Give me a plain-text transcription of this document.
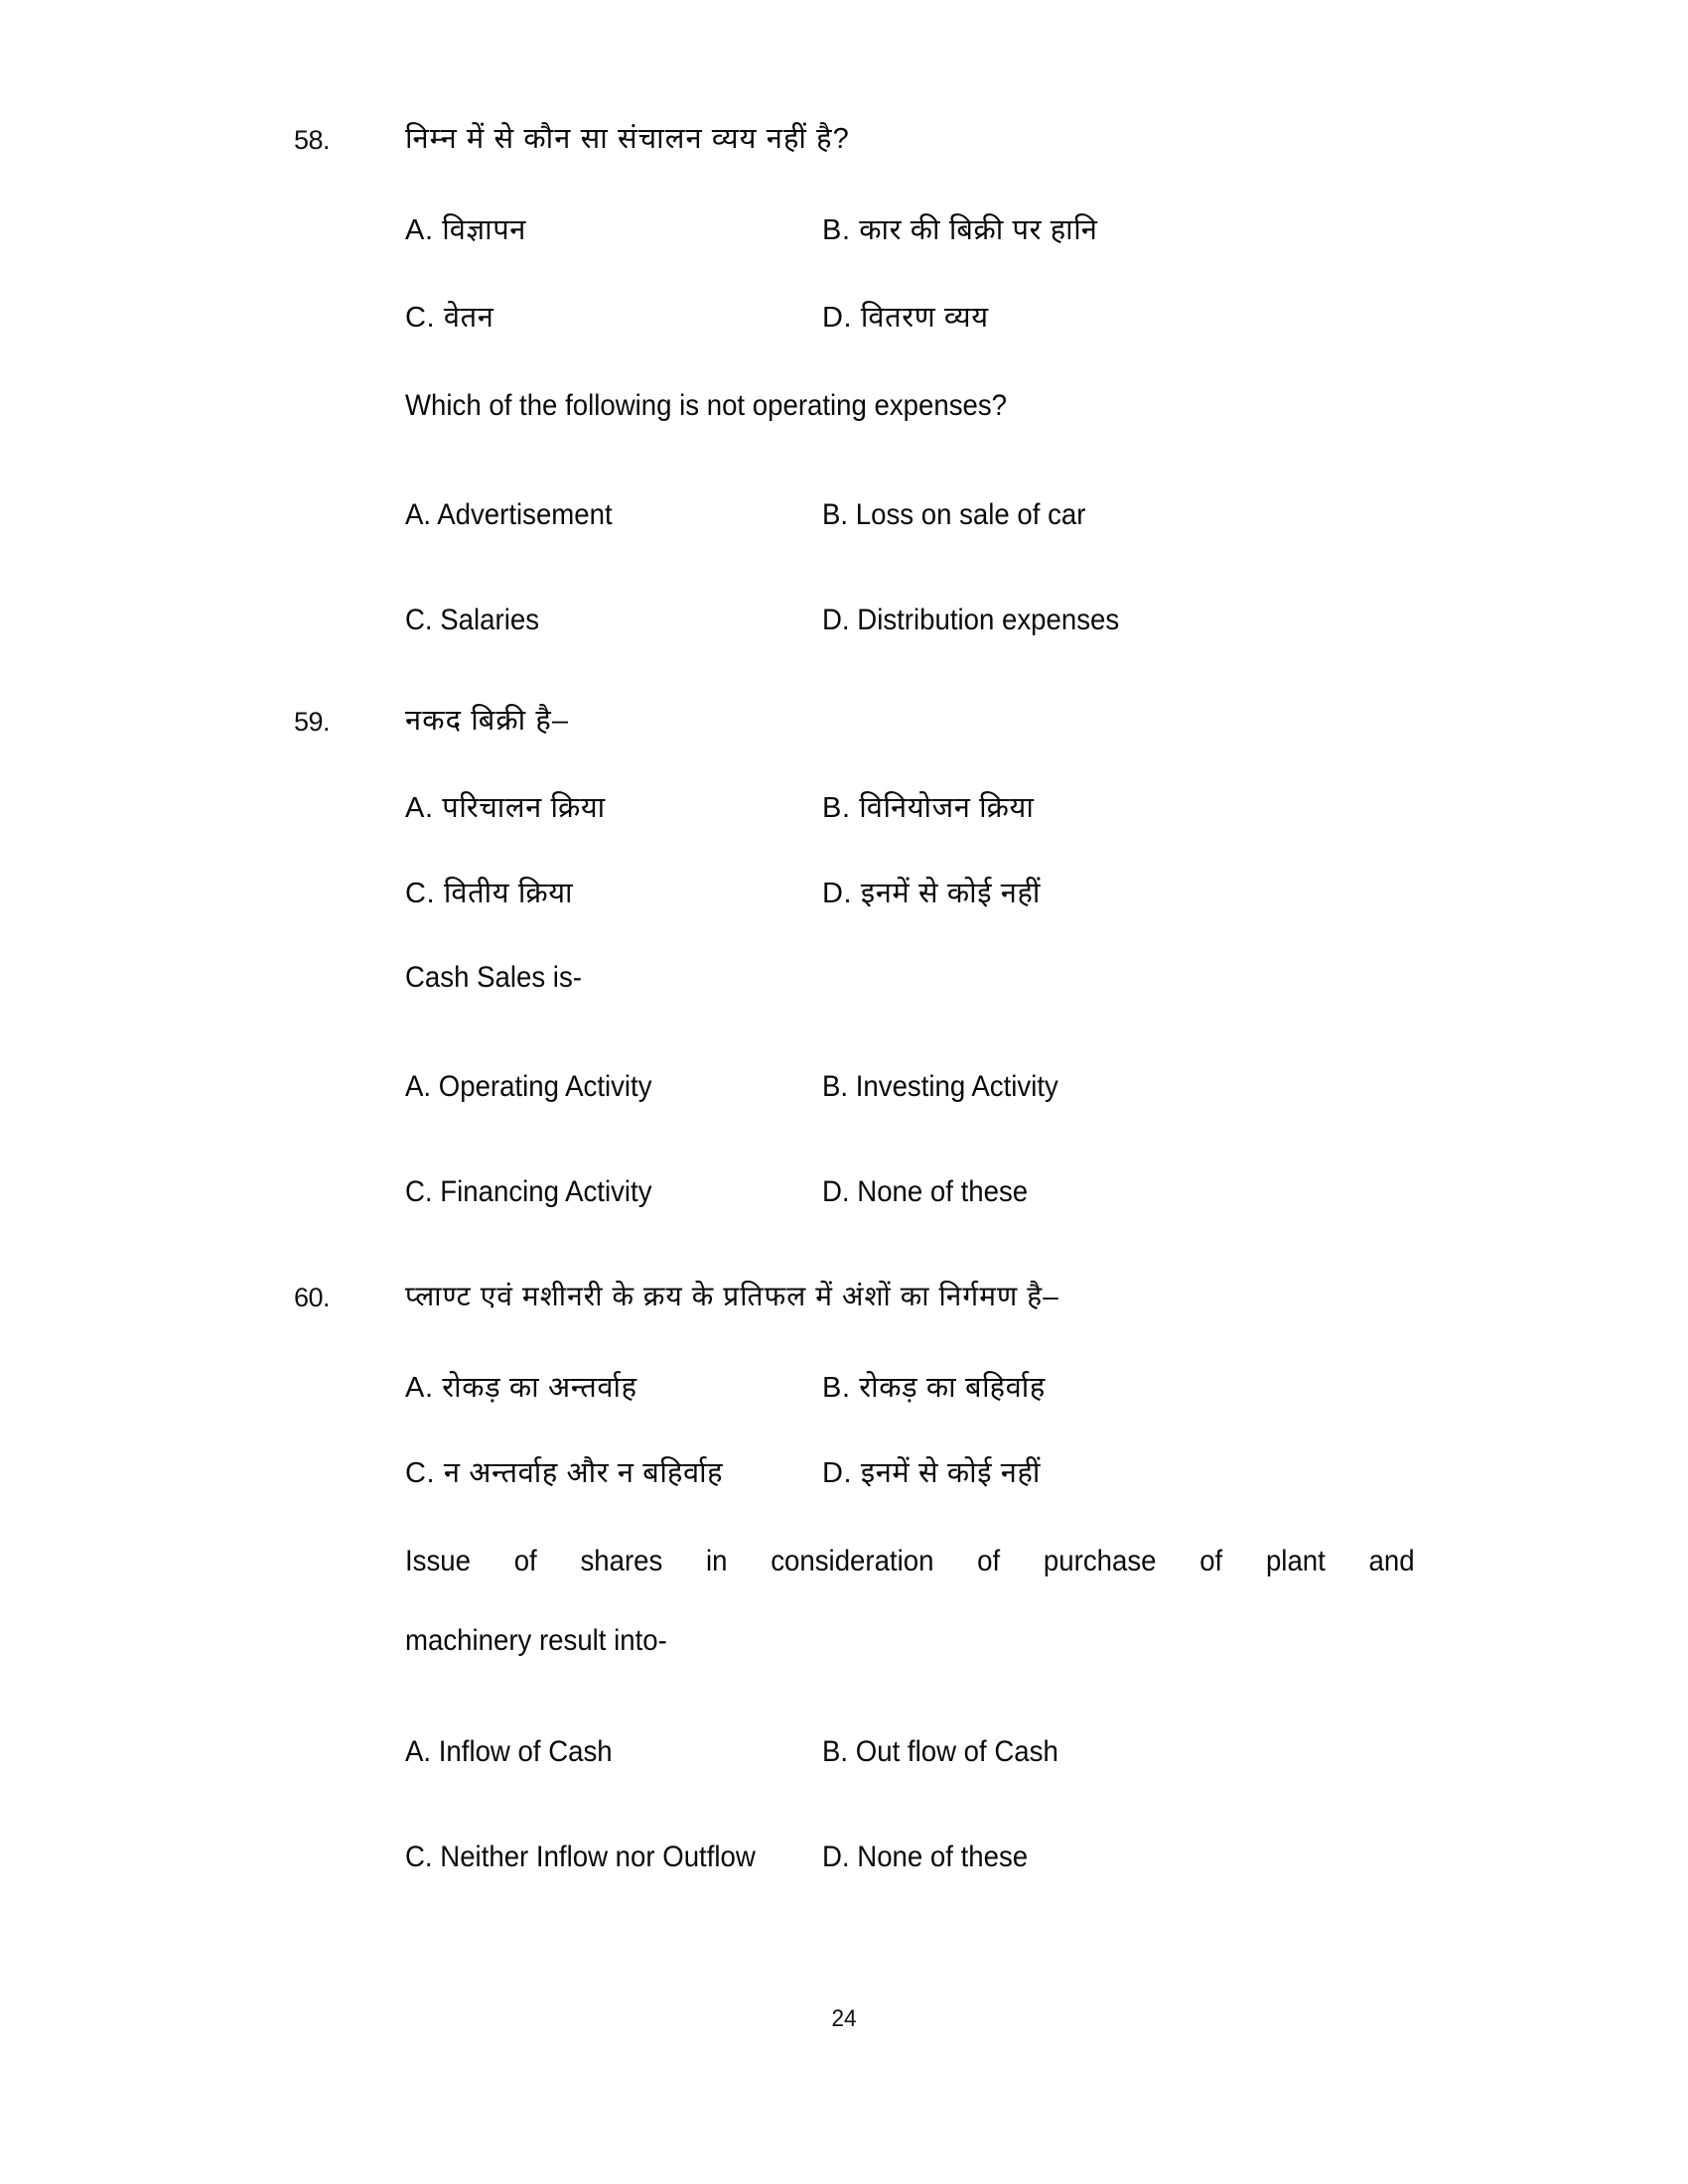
58.	निम्न में से कौन सा संचालन व्यय नहीं है?
A. विज्ञापन	B. कार की बिक्री पर हानि
C. वेतन	D. वितरण व्यय
Which of the following is not operating expenses?
A. Advertisement	B. Loss on sale of car
C. Salaries	D. Distribution expenses
59.	नकद बिक्री है–
A. परिचालन क्रिया	B. विनियोजन क्रिया
C. वितीय क्रिया	D. इनमें से कोई नहीं
Cash Sales is-
A. Operating Activity	B. Investing Activity
C. Financing Activity	D. None of these
60.	प्लाण्ट एवं मशीनरी के क्रय के प्रतिफल में अंशों का निर्गमण है–
A. रोकड़ का अन्तर्वाह	B. रोकड़ का बहिर्वाह
C. न अन्तर्वाह और न बहिर्वाह	D. इनमें से कोई नहीं
Issue of shares in consideration of purchase of plant and
machinery result into-
A. Inflow of Cash	B. Out flow of Cash
C. Neither Inflow nor Outflow D. None of these
24
